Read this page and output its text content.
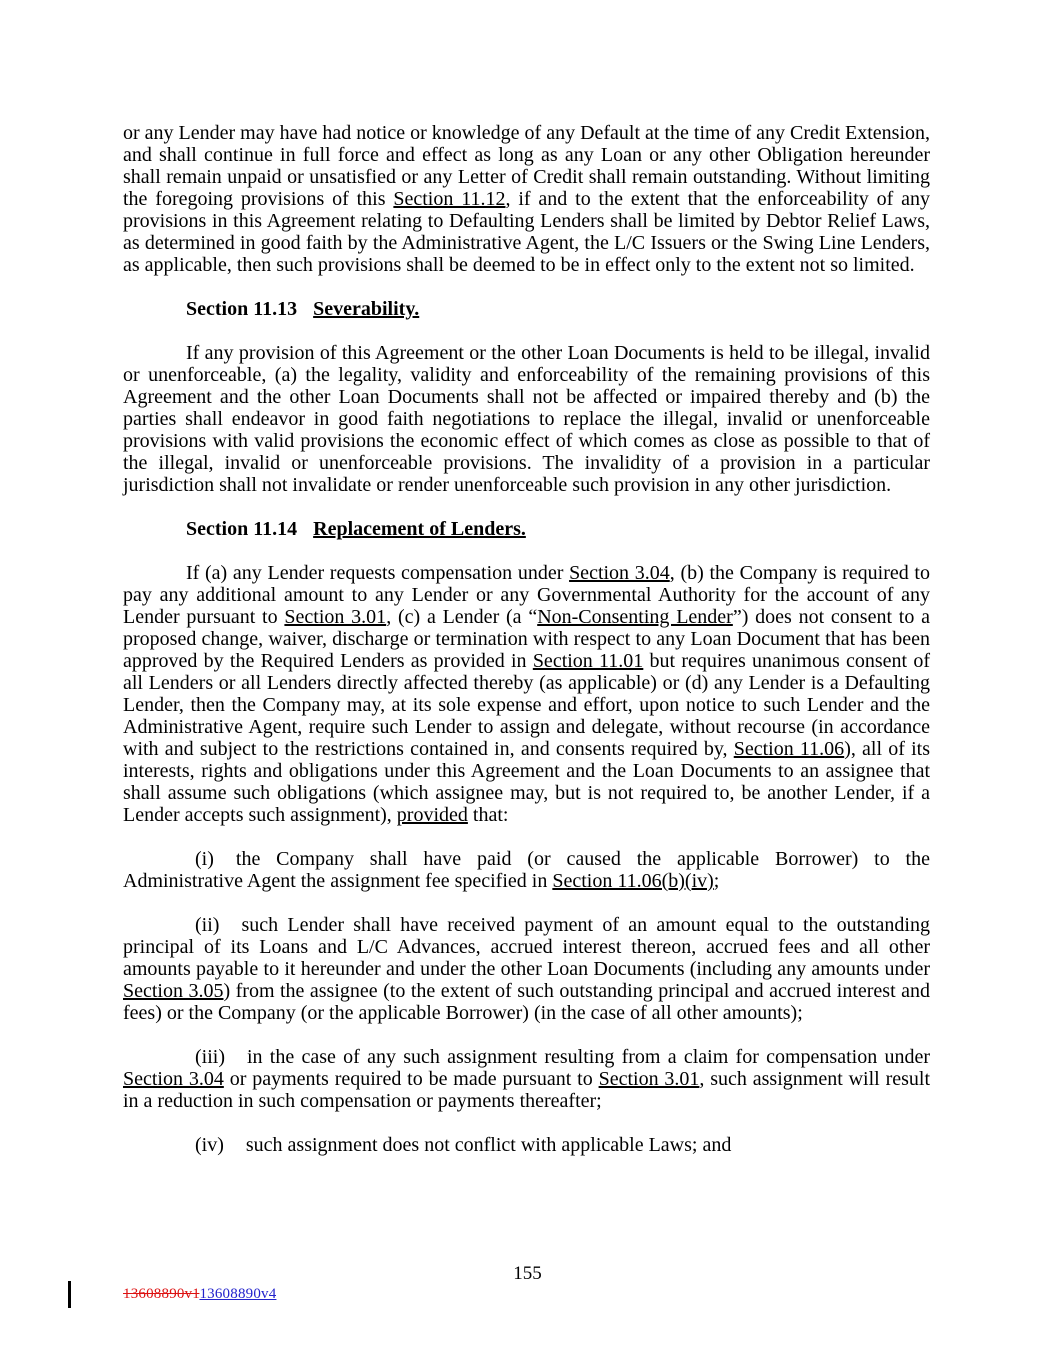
or any Lender may have had notice or knowledge of any Default at the time of any Credit Extension, and shall continue in full force and effect as long as any Loan or any other Obligation hereunder shall remain unpaid or unsatisfied or any Letter of Credit shall remain outstanding. Without limiting the foregoing provisions of this Section 11.12, if and to the extent that the enforceability of any provisions in this Agreement relating to Defaulting Lenders shall be limited by Debtor Relief Laws, as determined in good faith by the Administrative Agent, the L/C Issuers or the Swing Line Lenders, as applicable, then such provisions shall be deemed to be in effect only to the extent not so limited.

Section 11.13 Severability.

If any provision of this Agreement or the other Loan Documents is held to be illegal, invalid or unenforceable, (a) the legality, validity and enforceability of the remaining provisions of this Agreement and the other Loan Documents shall not be affected or impaired thereby and (b) the parties shall endeavor in good faith negotiations to replace the illegal, invalid or unenforceable provisions with valid provisions the economic effect of which comes as close as possible to that of the illegal, invalid or unenforceable provisions. The invalidity of a provision in a particular jurisdiction shall not invalidate or render unenforceable such provision in any other jurisdiction.

Section 11.14 Replacement of Lenders.

If (a) any Lender requests compensation under Section 3.04, (b) the Company is required to pay any additional amount to any Lender or any Governmental Authority for the account of any Lender pursuant to Section 3.01, (c) a Lender (a “Non-Consenting Lender”) does not consent to a proposed change, waiver, discharge or termination with respect to any Loan Document that has been approved by the Required Lenders as provided in Section 11.01 but requires unanimous consent of all Lenders or all Lenders directly affected thereby (as applicable) or (d) any Lender is a Defaulting Lender, then the Company may, at its sole expense and effort, upon notice to such Lender and the Administrative Agent, require such Lender to assign and delegate, without recourse (in accordance with and subject to the restrictions contained in, and consents required by, Section 11.06), all of its interests, rights and obligations under this Agreement and the Loan Documents to an assignee that shall assume such obligations (which assignee may, but is not required to, be another Lender, if a Lender accepts such assignment), provided that:

(i) the Company shall have paid (or caused the applicable Borrower) to the Administrative Agent the assignment fee specified in Section 11.06(b)(iv);

(ii) such Lender shall have received payment of an amount equal to the outstanding principal of its Loans and L/C Advances, accrued interest thereon, accrued fees and all other amounts payable to it hereunder and under the other Loan Documents (including any amounts under Section 3.05) from the assignee (to the extent of such outstanding principal and accrued interest and fees) or the Company (or the applicable Borrower) (in the case of all other amounts);

(iii) in the case of any such assignment resulting from a claim for compensation under Section 3.04 or payments required to be made pursuant to Section 3.01, such assignment will result in a reduction in such compensation or payments thereafter;

(iv) such assignment does not conflict with applicable Laws; and

155
13608890v113608890v4
